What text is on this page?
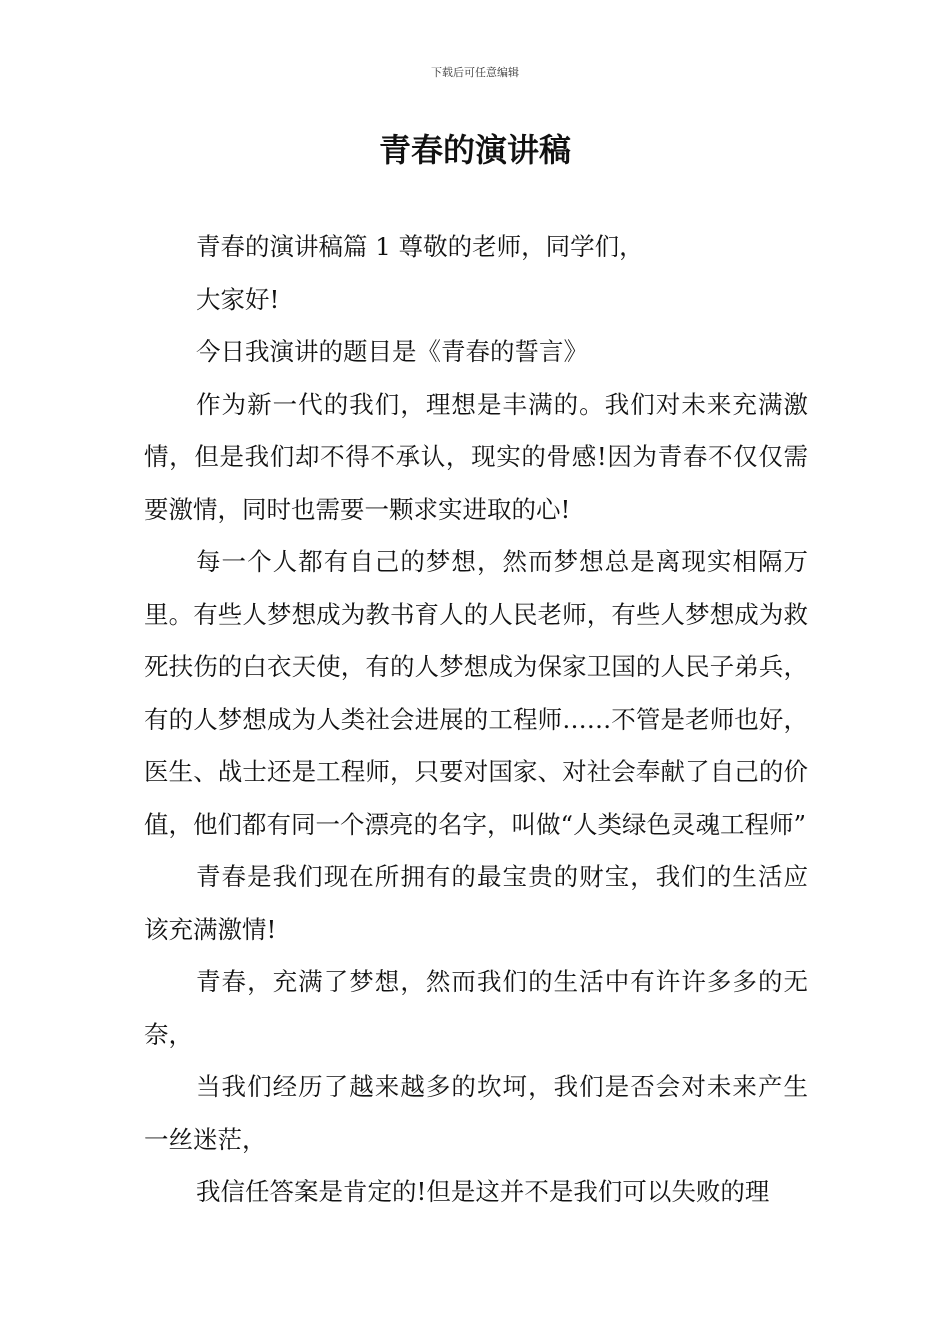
下载后可任意编辑
青春的演讲稿

青春的演讲稿篇 1 尊敬的老师，同学们，

大家好!

今日我演讲的题目是《青春的誓言》

作为新一代的我们，理想是丰满的。我们对未来充满激情，但是我们却不得不承认，现实的骨感!因为青春不仅仅需要激情，同时也需要一颗求实进取的心!

每一个人都有自己的梦想，然而梦想总是离现实相隔万里。有些人梦想成为教书育人的人民老师，有些人梦想成为救死扶伤的白衣天使，有的人梦想成为保家卫国的人民子弟兵，有的人梦想成为人类社会进展的工程师……不管是老师也好，医生、战士还是工程师，只要对国家、对社会奉献了自己的价值，他们都有同一个漂亮的名字，叫做“人类绿色灵魂工程师”

青春是我们现在所拥有的最宝贵的财宝，我们的生活应该充满激情!

青春，充满了梦想，然而我们的生活中有许许多多的无奈，

当我们经历了越来越多的坎坷，我们是否会对未来产生一丝迷茫，

我信任答案是肯定的!但是这并不是我们可以失败的理
